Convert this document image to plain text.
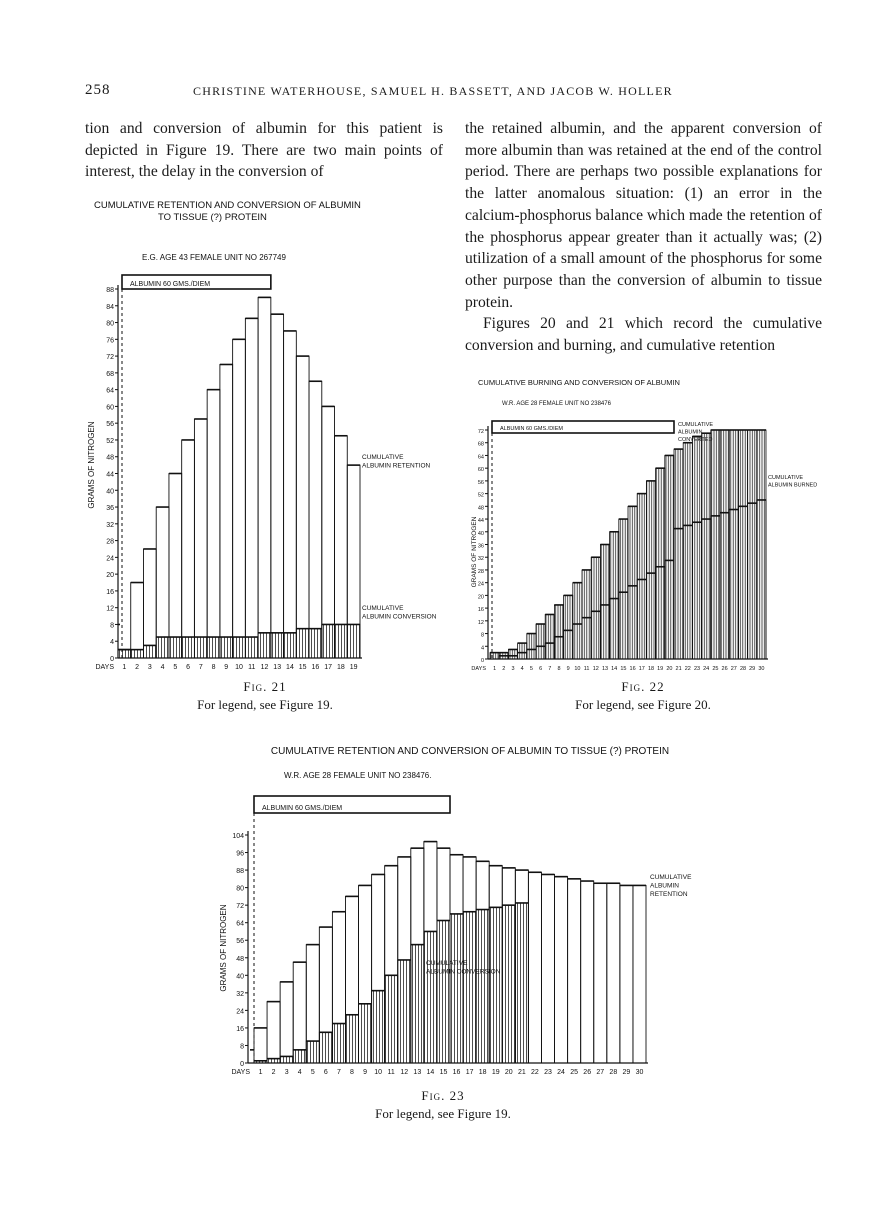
258	CHRISTINE WATERHOUSE, SAMUEL H. BASSETT, AND JACOB W. HOLLER

tion and conversion of albumin for this patient is depicted in Figure 19. There are two main points of interest, the delay in the conversion of

the retained albumin, and the apparent conversion of more albumin than was retained at the end of the control period. There are perhaps two possible explanations for the latter anomalous situation: (1) an error in the calcium-phosphorus balance which made the retention of the phosphorus appear greater than it actually was; (2) utilization of a small amount of the phosphorus for some other purpose than the conversion of albumin to tissue protein.

Figures 20 and 21 which record the cumulative conversion and burning, and cumulative retention

CUMULATIVE RETENTION AND CONVERSION OF ALBUMIN
TO TISSUE (?) PROTEIN
E.G. AGE 43 FEMALE UNIT NO 267749
ALBUMIN 60 GMS./DIEM
0
4
8
12
16
20
24
28
32
36
40
44
48
52
56
60
64
68
72
76
80
84
88
GRAMS OF NITROGEN
DAYS 1 2 3 4 5 6 7 8 9 10 11 12 13 14 15 16 17 18 19
CUMULATIVE
ALBUMIN RETENTION
CUMULATIVE
ALBUMIN CONVERSION
Fig. 21
For legend, see Figure 19.
CUMULATIVE BURNING AND CONVERSION OF ALBUMIN
W.R. AGE 28 FEMALE UNIT NO 238476
ALBUMIN 60 GMS./DIEM
0
4
8
12
16
20
24
28
32
36
40
44
48
52
56
60
64
68
72
GRAMS OF NITROGEN
DAYS 1 2 3 4 5 6 7 8 9 10 11 12 13 14 15 16 17 18 19 20 21 22 23 24 25 26 27 28 29 30
CUMULATIVE
ALBUMIN
CONVERTED
CUMULATIVE
ALBUMIN BURNED
Fig. 22
For legend, see Figure 20.
CUMULATIVE RETENTION AND CONVERSION OF ALBUMIN TO TISSUE (?) PROTEIN
W.R. AGE 28 FEMALE UNIT NO 238476.
ALBUMIN 60 GMS./DIEM
0
8
16
24
32
40
48
56
64
72
80
88
96
104
GRAMS OF NITROGEN
DAYS 1 2 3 4 5 6 7 8 9 10 11 12 13 14 15 16 17 18 19 20 21 22 23 24 25 26 27 28 29 30
CUMULATIVE
ALBUMIN
RETENTION
CUMULATIVE
ALBUMIN CONVERSION
Fig. 23
For legend, see Figure 19.
